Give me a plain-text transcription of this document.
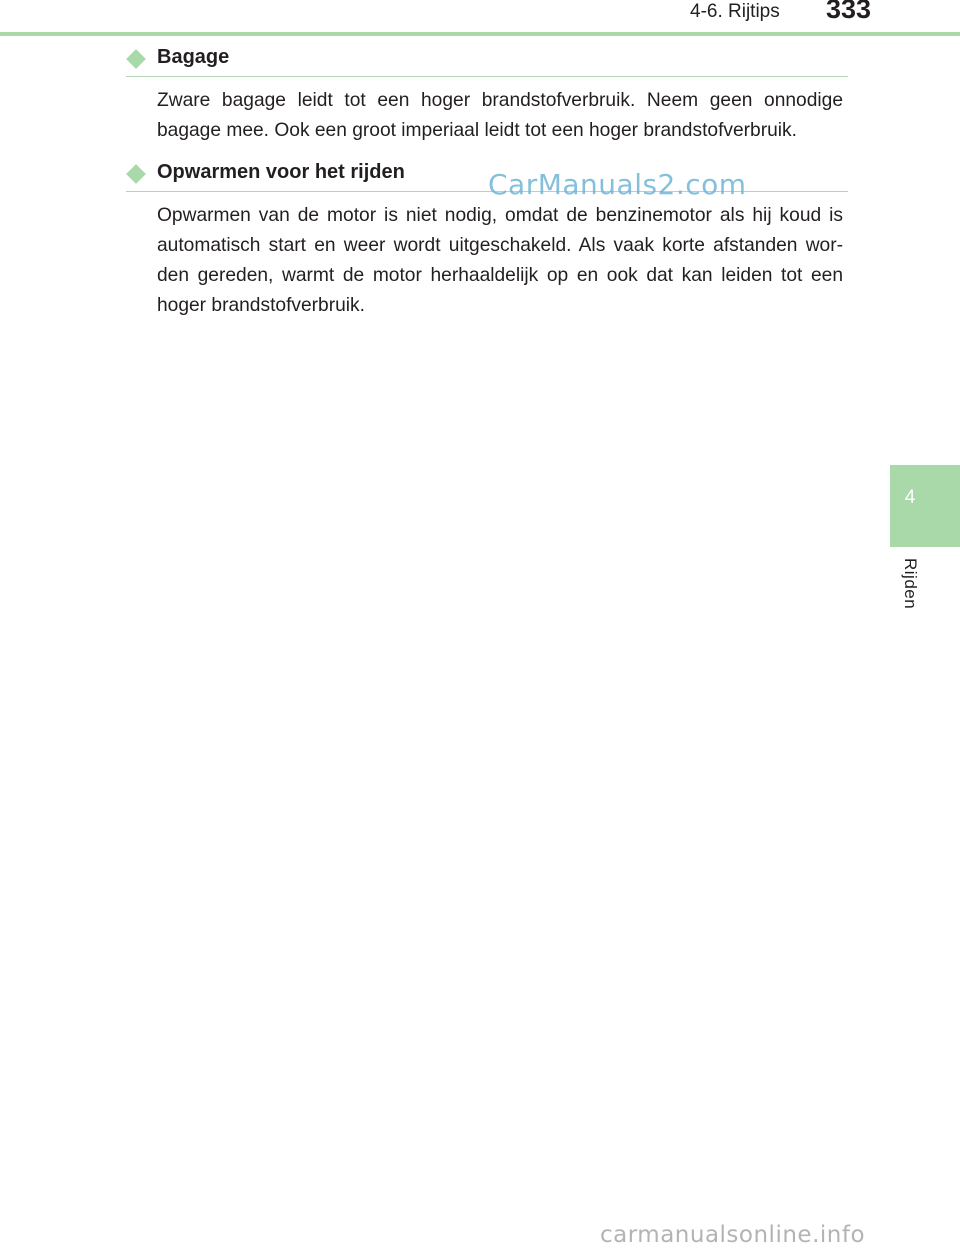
4-6. Rijtips 333
4
Rijden
Bagage
Zware bagage leidt tot een hoger brandstofverbruik. Neem geen onnodige bagage mee. Ook een groot imperiaal leidt tot een hoger brandstofverbruik.
Opwarmen voor het rijden
Opwarmen van de motor is niet nodig, omdat de benzinemotor als hij koud is automatisch start en weer wordt uitgeschakeld. Als vaak korte afstanden wor-den gereden, warmt de motor herhaaldelijk op en ook dat kan leiden tot een hoger brandstofverbruik.
CarManuals2.com
carmanualsonline.info
